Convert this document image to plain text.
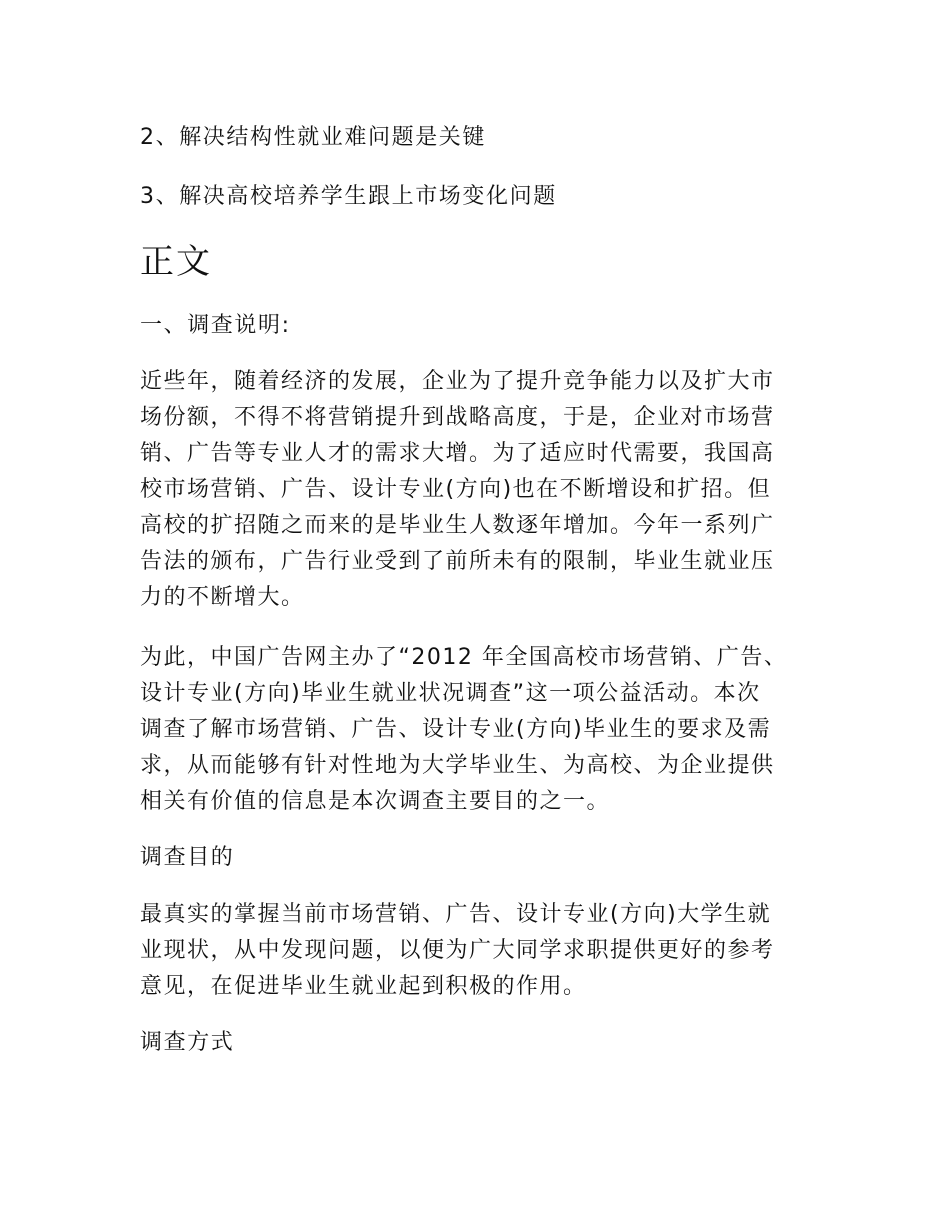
2、解决结构性就业难问题是关键
3、解决高校培养学生跟上市场变化问题
正文
一、调查说明:
近些年，随着经济的发展，企业为了提升竞争能力以及扩大市
场份额，不得不将营销提升到战略高度，于是，企业对市场营
销、广告等专业人才的需求大增。为了适应时代需要，我国高
校市场营销、广告、设计专业(方向)也在不断增设和扩招。但
高校的扩招随之而来的是毕业生人数逐年增加。今年一系列广
告法的颁布，广告行业受到了前所未有的限制，毕业生就业压
力的不断增大。
为此，中国广告网主办了“2012 年全国高校市场营销、广告、
设计专业(方向)毕业生就业状况调查”这一项公益活动。本次
调查了解市场营销、广告、设计专业(方向)毕业生的要求及需
求，从而能够有针对性地为大学毕业生、为高校、为企业提供
相关有价值的信息是本次调查主要目的之一。
调查目的
最真实的掌握当前市场营销、广告、设计专业(方向)大学生就
业现状，从中发现问题，以便为广大同学求职提供更好的参考
意见，在促进毕业生就业起到积极的作用。
调查方式
